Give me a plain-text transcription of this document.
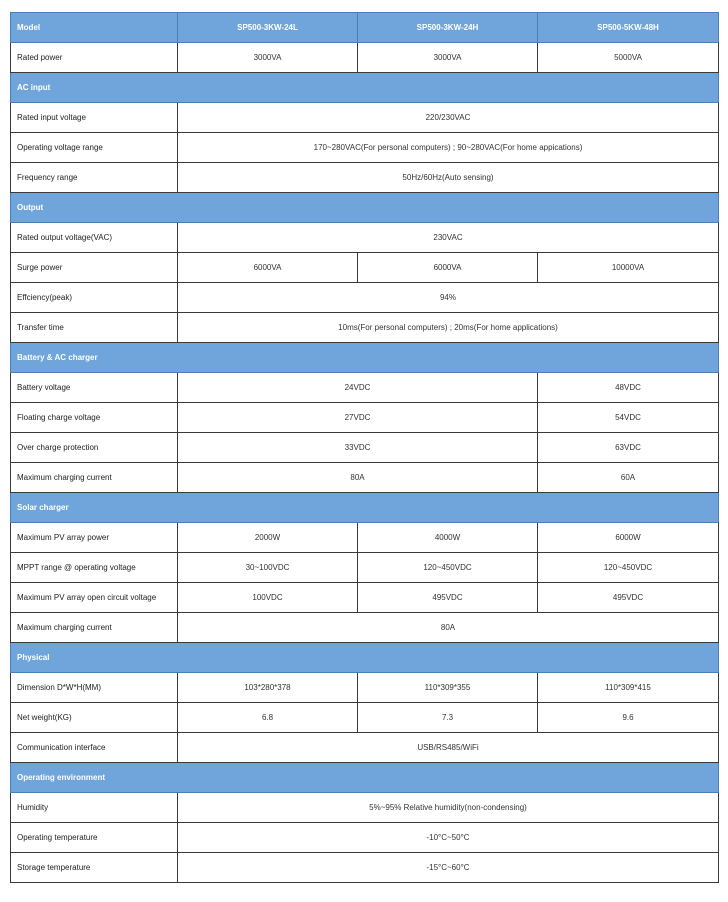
Model	SP500-3KW-24L	SP500-3KW-24H	SP500-5KW-48H
Rated power	3000VA	3000VA	5000VA
AC input			
Rated input voltage	220/230VAC		
Operating voltage range	170~280VAC(For personal computers) ; 90~280VAC(For home appications)		
Frequency range	50Hz/60Hz(Auto sensing)		
Output			
Rated output voltage(VAC)	230VAC		
Surge power	6000VA	6000VA	10000VA
Effciency(peak)	94%		
Transfer time	10ms(For personal computers) ; 20ms(For home applications)		
Battery & AC charger			
Battery voltage	24VDC		48VDC
Floating charge voltage	27VDC		54VDC
Over charge protection	33VDC		63VDC
Maximum charging current	80A		60A
Solar charger			
Maximum PV array power	2000W	4000W	6000W
MPPT range @ operating voltage	30~100VDC	120~450VDC	120~450VDC
Maximum PV array open circuit voltage	100VDC	495VDC	495VDC
Maximum charging current	80A		
Physical			
Dimension D*W*H(MM)	103*280*378	110*309*355	110*309*415
Net weight(KG)	6.8	7.3	9.6
Communication interface	USB/RS485/WiFi		
Operating environment			
Humidity	5%~95% Relative humidity(non-condensing)		
Operating temperature	-10°C~50°C		
Storage temperature	-15°C~60°C		
